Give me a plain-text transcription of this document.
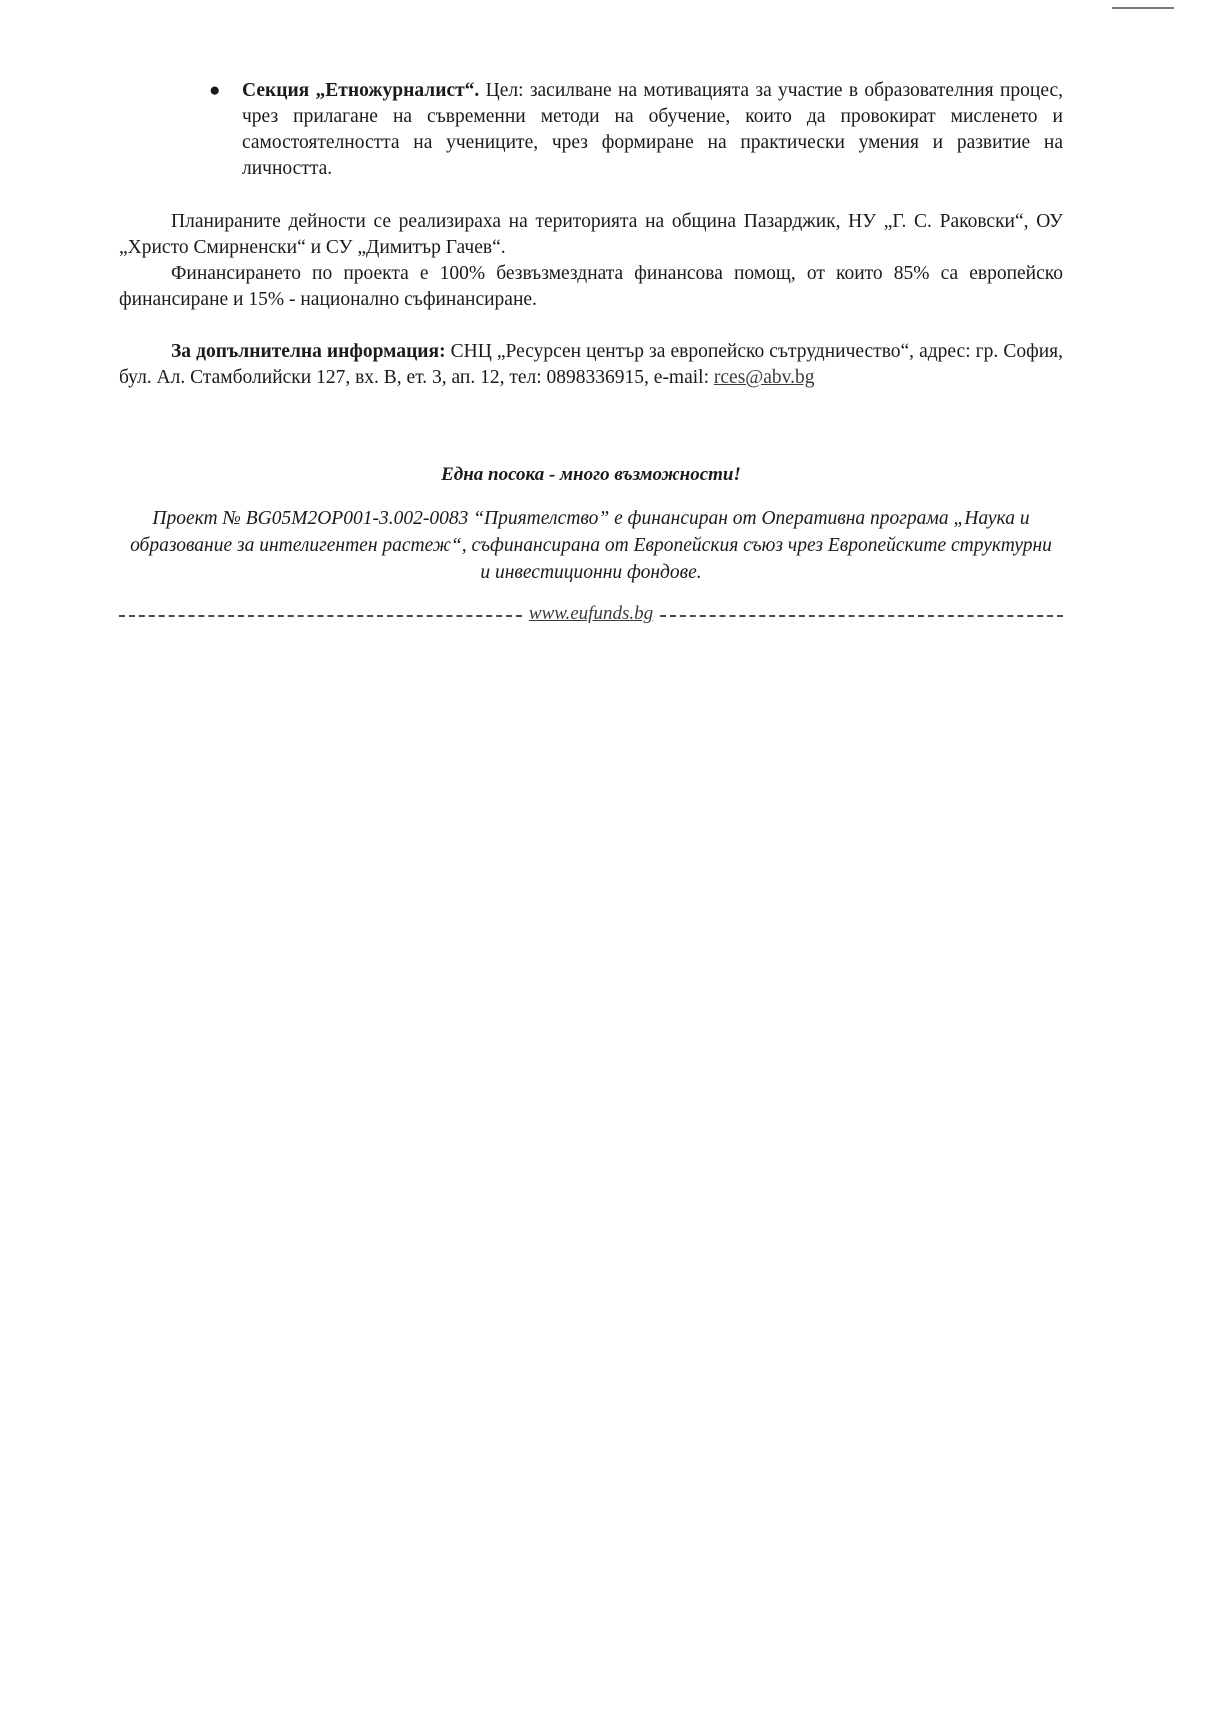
● Секция „Етножурналист“. Цел: засилване на мотивацията за участие в образователния процес, чрез прилагане на съвременни методи на обучение, които да провокират мисленето и самостоятелността на учениците, чрез формиране на практически умения и развитие на личността.

Планираните дейности се реализираха на територията на община Пазарджик, НУ „Г. С. Раковски“, ОУ „Христо Смирненски“ и СУ „Димитър Гачев“.

Финансирането по проекта е 100% безвъзмездната финансова помощ, от които 85% са европейско финансиране и 15% - национално съфинансиране.

За допълнителна информация: СНЦ „Ресурсен център за европейско сътрудничество“, адрес: гр. София, бул. Ал. Стамболийски 127, вх. В, ет. 3, ап. 12, тел: 0898336915, e-mail: rces@abv.bg

Една посока - много възможности!
Проект № BG05M2OP001-3.002-0083 “Приятелство” е финансиран от Оперативна програма „Наука и образование за интелигентен растеж“, съфинансирана от Европейския съюз чрез Европейските структурни и инвестиционни фондове.
www.eufunds.bg
